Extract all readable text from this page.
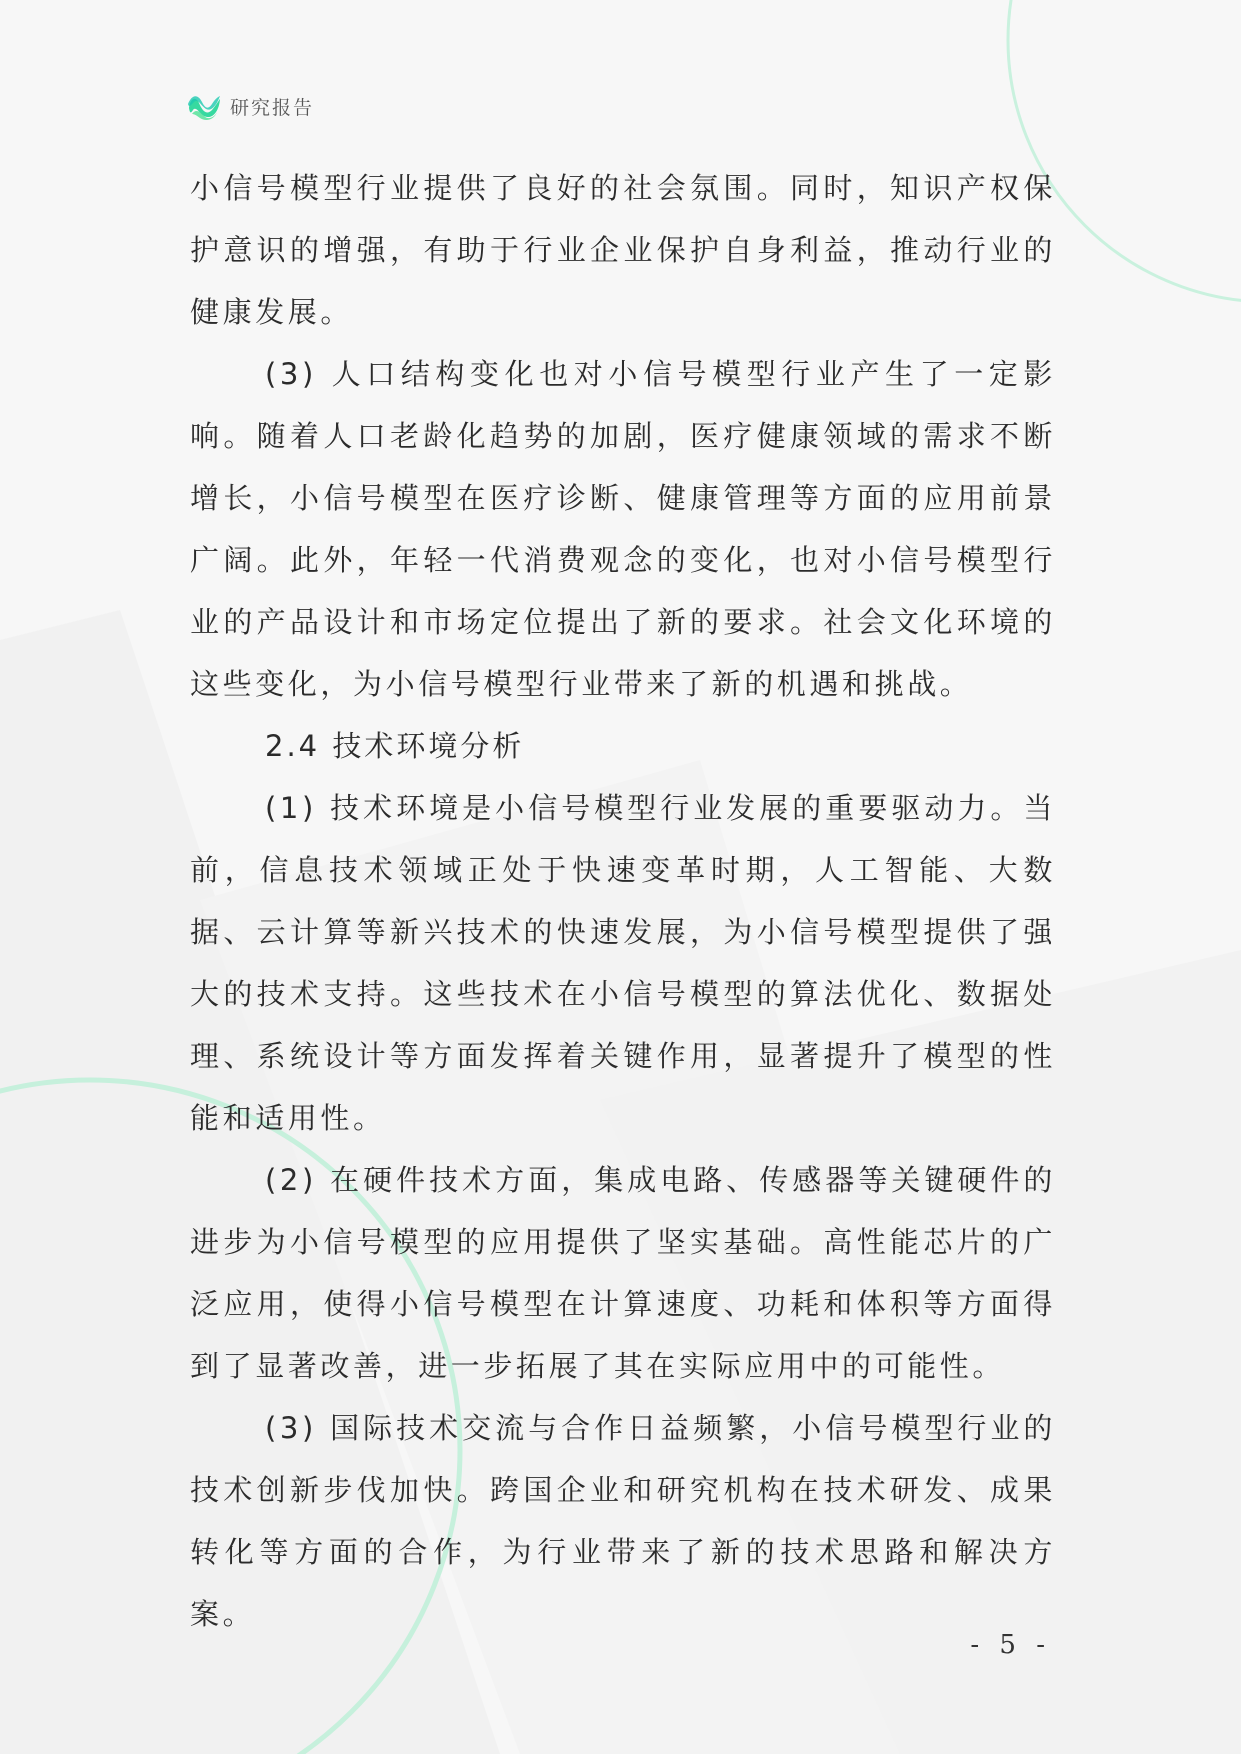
研究报告

小信号模型行业提供了良好的社会氛围。同时，知识产权保护意识的增强，有助于行业企业保护自身利益，推动行业的健康发展。

(3) 人口结构变化也对小信号模型行业产生了一定影响。随着人口老龄化趋势的加剧，医疗健康领域的需求不断增长，小信号模型在医疗诊断、健康管理等方面的应用前景广阔。此外，年轻一代消费观念的变化，也对小信号模型行业的产品设计和市场定位提出了新的要求。社会文化环境的这些变化，为小信号模型行业带来了新的机遇和挑战。

2.4 技术环境分析

(1) 技术环境是小信号模型行业发展的重要驱动力。当前，信息技术领域正处于快速变革时期，人工智能、大数据、云计算等新兴技术的快速发展，为小信号模型提供了强大的技术支持。这些技术在小信号模型的算法优化、数据处理、系统设计等方面发挥着关键作用，显著提升了模型的性能和适用性。

(2) 在硬件技术方面，集成电路、传感器等关键硬件的进步为小信号模型的应用提供了坚实基础。高性能芯片的广泛应用，使得小信号模型在计算速度、功耗和体积等方面得到了显著改善，进一步拓展了其在实际应用中的可能性。

(3) 国际技术交流与合作日益频繁，小信号模型行业的技术创新步伐加快。跨国企业和研究机构在技术研发、成果转化等方面的合作，为行业带来了新的技术思路和解决方案。

- 5 -
